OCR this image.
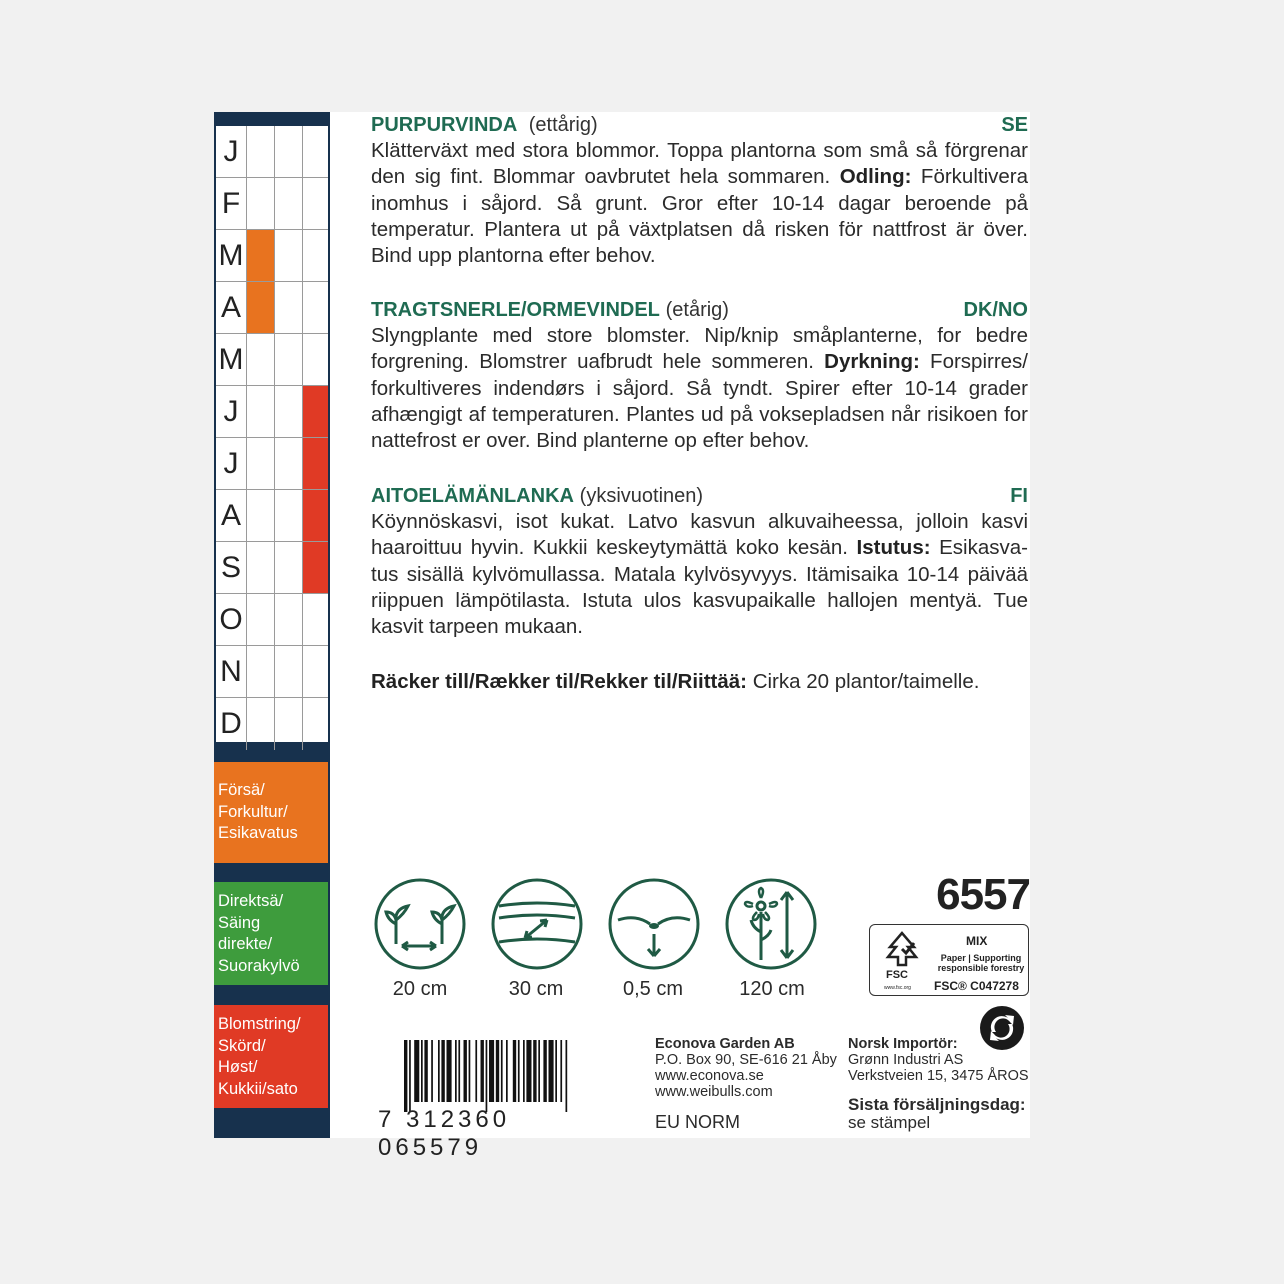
J
F
M
A
M
J
J
A
S
O
N
D
Försä/
Forkultur/
Esikavatus
Direktsä/
Säing
direkte/
Suorakylvö
Blomstring/
Skörd/
Høst/
Kukkii/sato
PURPURVINDA (ettårig)	SE
Klätterväxt med stora blommor. Toppa plantorna som små så förgrenar den sig fint. Blommar oavbrutet hela sommaren. Odling: Förkultivera inomhus i såjord. Så grunt. Gror efter 10-14 dagar beroende på temperatur. Plantera ut på växtplatsen då risken för nattfrost är över. Bind upp plantorna efter behov.
TRAGTSNERLE/ORMEVINDEL (etårig)	DK/NO
Slyngplante med store blomster. Nip/knip småplanterne, for bedre forgrening. Blomstrer uafbrudt hele sommeren. Dyrkning: Forspirres/ forkultiveres indendørs i såjord. Så tyndt. Spirer efter 10-14 grader afhængigt af temperaturen. Plantes ud på voksepladsen når risikoen for nattefrost er over. Bind planterne op efter behov.
AITOELÄMÄNLANKA (yksivuotinen)	FI
Köynnöskasvi, isot kukat. Latvo kasvun alkuvaiheessa, jolloin kasvi haaroittuu hyvin. Kukkii keskeytymättä koko kesän. Istutus: Esikasvatus sisällä kylvömullassa. Matala kylvösyvyys. Itämisaika 10-14 päivää riippuen lämpötilasta. Istuta ulos kasvupaikalle hallojen mentyä. Tue kasvit tarpeen mukaan.
Räcker till/Rækker til/Rekker til/Riittää: Cirka 20 plantor/taimelle.
20 cm	30 cm	0,5 cm	120 cm
6557
FSC
www.fsc.org
MIX
Paper | Supporting responsible forestry
FSC® C047278
7 312360 065579
Econova Garden AB
P.O. Box 90, SE-616 21 Åby
www.econova.se
www.weibulls.com
EU NORM
Norsk Importör:
Grønn Industri AS
Verkstveien 15, 3475 ÅROS
Sista försäljningsdag:
se stämpel
